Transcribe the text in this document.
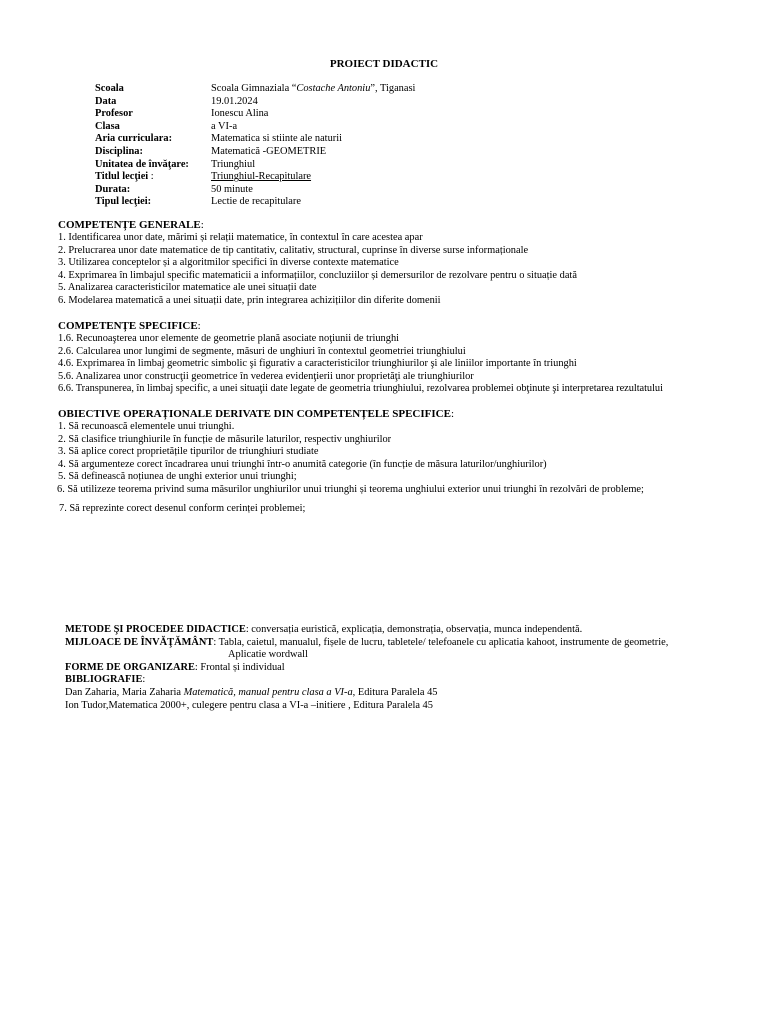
PROIECT DIDACTIC
Scoala	Scoala Gimnaziala “Costache Antoniu”, Tiganasi
Data	19.01.2024
Profesor	Ionescu Alina
Clasa	a VI-a
Aria curriculara:	Matematica si stiinte ale naturii
Disciplina:	Matematică -GEOMETRIE
Unitatea de învăţare:	Triunghiul
Titlul lecţiei :	Triunghiul-Recapitulare
Durata:	50 minute
Tipul lecţiei:	Lectie de recapitulare
COMPETENȚE GENERALE:
1. Identificarea unor date, mărimi și relații matematice, în contextul în care acestea apar
2. Prelucrarea unor date matematice de tip cantitativ, calitativ, structural, cuprinse în diverse surse informaționale
3. Utilizarea conceptelor și a algoritmilor specifici în diverse contexte matematice
4. Exprimarea în limbajul specific matematicii a informațiilor, concluziilor și demersurilor de rezolvare pentru o situație dată
5. Analizarea caracteristicilor matematice ale unei situații date
6. Modelarea matematică a unei situații date, prin integrarea achizițiilor din diferite domenii
COMPETENȚE SPECIFICE:
1.6. Recunoaşterea unor elemente de geometrie plană asociate noţiunii de triunghi
2.6. Calcularea unor lungimi de segmente, măsuri de unghiuri în contextul geometriei triunghiului
4.6. Exprimarea în limbaj geometric simbolic şi figurativ a caracteristicilor triunghiurilor şi ale liniilor importante în triunghi
5.6. Analizarea unor construcţii geometrice în vederea evidenţierii unor proprietăţi ale triunghiurilor
6.6. Transpunerea, în limbaj specific, a unei situaţii date legate de geometria triunghiului, rezolvarea problemei obţinute şi interpretarea rezultatului
OBIECTIVE OPERAȚIONALE DERIVATE DIN COMPETENȚELE SPECIFICE:
1. Să recunoască elementele unui triunghi.
2. Să clasifice triunghiurile în funcție de măsurile laturilor, respectiv unghiurilor
3. Să aplice corect proprietățile tipurilor de triunghiuri studiate
4. Să argumenteze corect încadrarea unui triunghi într-o anumită categorie (în funcție de măsura laturilor/unghiurilor)
5. Să definească noțiunea de unghi exterior unui triunghi;
6. Să utilizeze teorema privind suma măsurilor unghiurilor unui triunghi și teorema unghiului exterior unui triunghi în rezolvări de probleme;
7. Să reprezinte corect desenul conform cerinței problemei;
METODE ŞI PROCEDEE DIDACTICE: conversația euristică, explicația, demonstrația, observația, munca independentă.
MIJLOACE DE ÎNVĂŢĂMÂNT: Tabla, caietul, manualul, fișele de lucru, tabletele/ telefoanele cu aplicatia kahoot, instrumente de geometrie,
Aplicatie wordwall
FORME DE ORGANIZARE: Frontal și individual
BIBLIOGRAFIE:
Dan Zaharia, Maria Zaharia Matematică, manual pentru clasa a VI-a, Editura Paralela 45
Ion Tudor,Matematica 2000+, culegere pentru clasa a VI-a –initiere , Editura Paralela 45
